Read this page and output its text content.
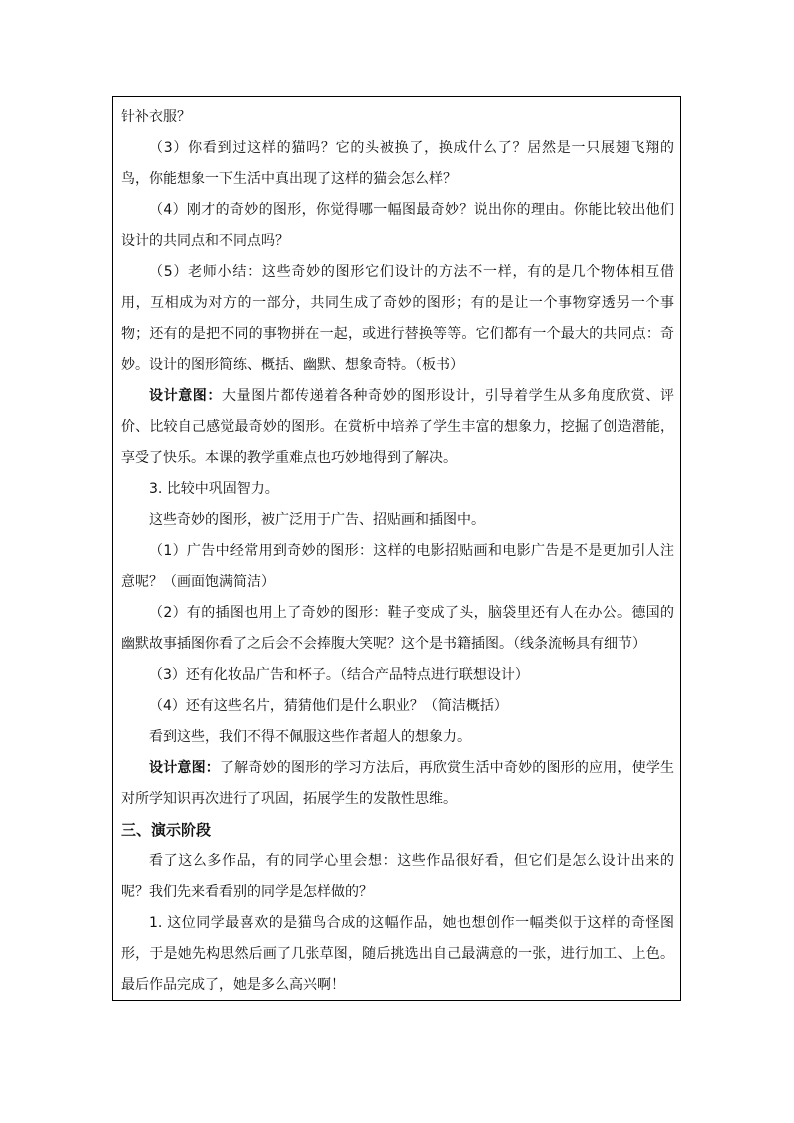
针补衣服？

（3）你看到过这样的猫吗？它的头被换了，换成什么了？居然是一只展翅飞翔的鸟，你能想象一下生活中真出现了这样的猫会怎么样？

（4）刚才的奇妙的图形，你觉得哪一幅图最奇妙？说出你的理由。你能比较出他们设计的共同点和不同点吗？

（5）老师小结：这些奇妙的图形它们设计的方法不一样，有的是几个物体相互借用，互相成为对方的一部分，共同生成了奇妙的图形；有的是让一个事物穿透另一个事物；还有的是把不同的事物拼在一起，或进行替换等等。它们都有一个最大的共同点：奇妙。设计的图形简练、概括、幽默、想象奇特。（板书）

设计意图：大量图片都传递着各种奇妙的图形设计，引导着学生从多角度欣赏、评价、比较自己感觉最奇妙的图形。在赏析中培养了学生丰富的想象力，挖掘了创造潜能，享受了快乐。本课的教学重难点也巧妙地得到了解决。

3. 比较中巩固智力。

这些奇妙的图形，被广泛用于广告、招贴画和插图中。

（1）广告中经常用到奇妙的图形：这样的电影招贴画和电影广告是不是更加引人注意呢？（画面饱满简洁）

（2）有的插图也用上了奇妙的图形：鞋子变成了头，脑袋里还有人在办公。德国的幽默故事插图你看了之后会不会捧腹大笑呢？这个是书籍插图。（线条流畅具有细节）

（3）还有化妆品广告和杯子。（结合产品特点进行联想设计）

（4）还有这些名片，猜猜他们是什么职业？（简洁概括）

看到这些，我们不得不佩服这些作者超人的想象力。

设计意图：了解奇妙的图形的学习方法后，再欣赏生活中奇妙的图形的应用，使学生对所学知识再次进行了巩固，拓展学生的发散性思维。

三、演示阶段

看了这么多作品，有的同学心里会想：这些作品很好看，但它们是怎么设计出来的呢？我们先来看看别的同学是怎样做的？

1. 这位同学最喜欢的是猫鸟合成的这幅作品，她也想创作一幅类似于这样的奇怪图形，于是她先构思然后画了几张草图，随后挑选出自己最满意的一张，进行加工、上色。最后作品完成了，她是多么高兴啊！
